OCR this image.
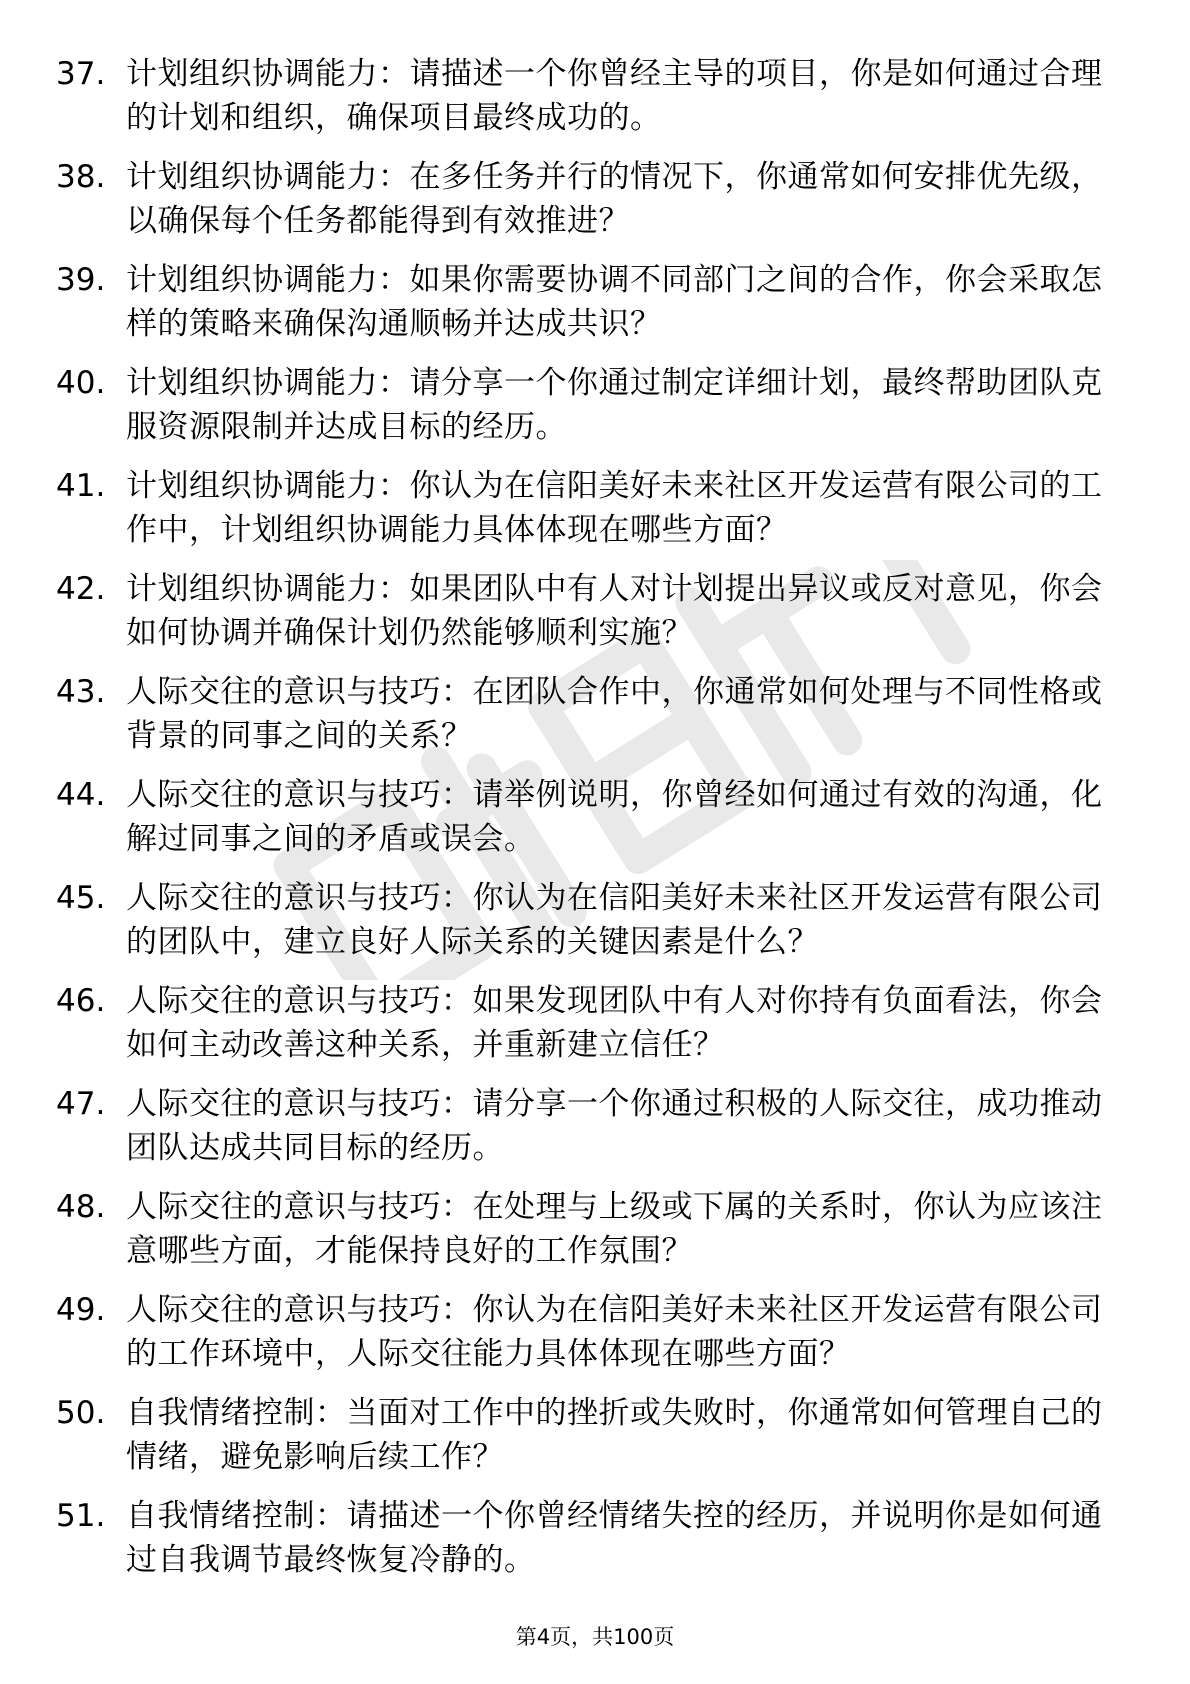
37. 计划组织协调能力：请描述一个你曾经主导的项目，你是如何通过合理的计划和组织，确保项目最终成功的。
38. 计划组织协调能力：在多任务并行的情况下，你通常如何安排优先级，以确保每个任务都能得到有效推进？
39. 计划组织协调能力：如果你需要协调不同部门之间的合作，你会采取怎样的策略来确保沟通顺畅并达成共识？
40. 计划组织协调能力：请分享一个你通过制定详细计划，最终帮助团队克服资源限制并达成目标的经历。
41. 计划组织协调能力：你认为在信阳美好未来社区开发运营有限公司的工作中，计划组织协调能力具体体现在哪些方面？
42. 计划组织协调能力：如果团队中有人对计划提出异议或反对意见，你会如何协调并确保计划仍然能够顺利实施？
43. 人际交往的意识与技巧：在团队合作中，你通常如何处理与不同性格或背景的同事之间的关系？
44. 人际交往的意识与技巧：请举例说明，你曾经如何通过有效的沟通，化解过同事之间的矛盾或误会。
45. 人际交往的意识与技巧：你认为在信阳美好未来社区开发运营有限公司的团队中，建立良好人际关系的关键因素是什么？
46. 人际交往的意识与技巧：如果发现团队中有人对你持有负面看法，你会如何主动改善这种关系，并重新建立信任？
47. 人际交往的意识与技巧：请分享一个你通过积极的人际交往，成功推动团队达成共同目标的经历。
48. 人际交往的意识与技巧：在处理与上级或下属的关系时，你认为应该注意哪些方面，才能保持良好的工作氛围？
49. 人际交往的意识与技巧：你认为在信阳美好未来社区开发运营有限公司的工作环境中，人际交往能力具体体现在哪些方面？
50. 自我情绪控制：当面对工作中的挫折或失败时，你通常如何管理自己的情绪，避免影响后续工作？
51. 自我情绪控制：请描述一个你曾经情绪失控的经历，并说明你是如何通过自我调节最终恢复冷静的。
第4页，共100页
